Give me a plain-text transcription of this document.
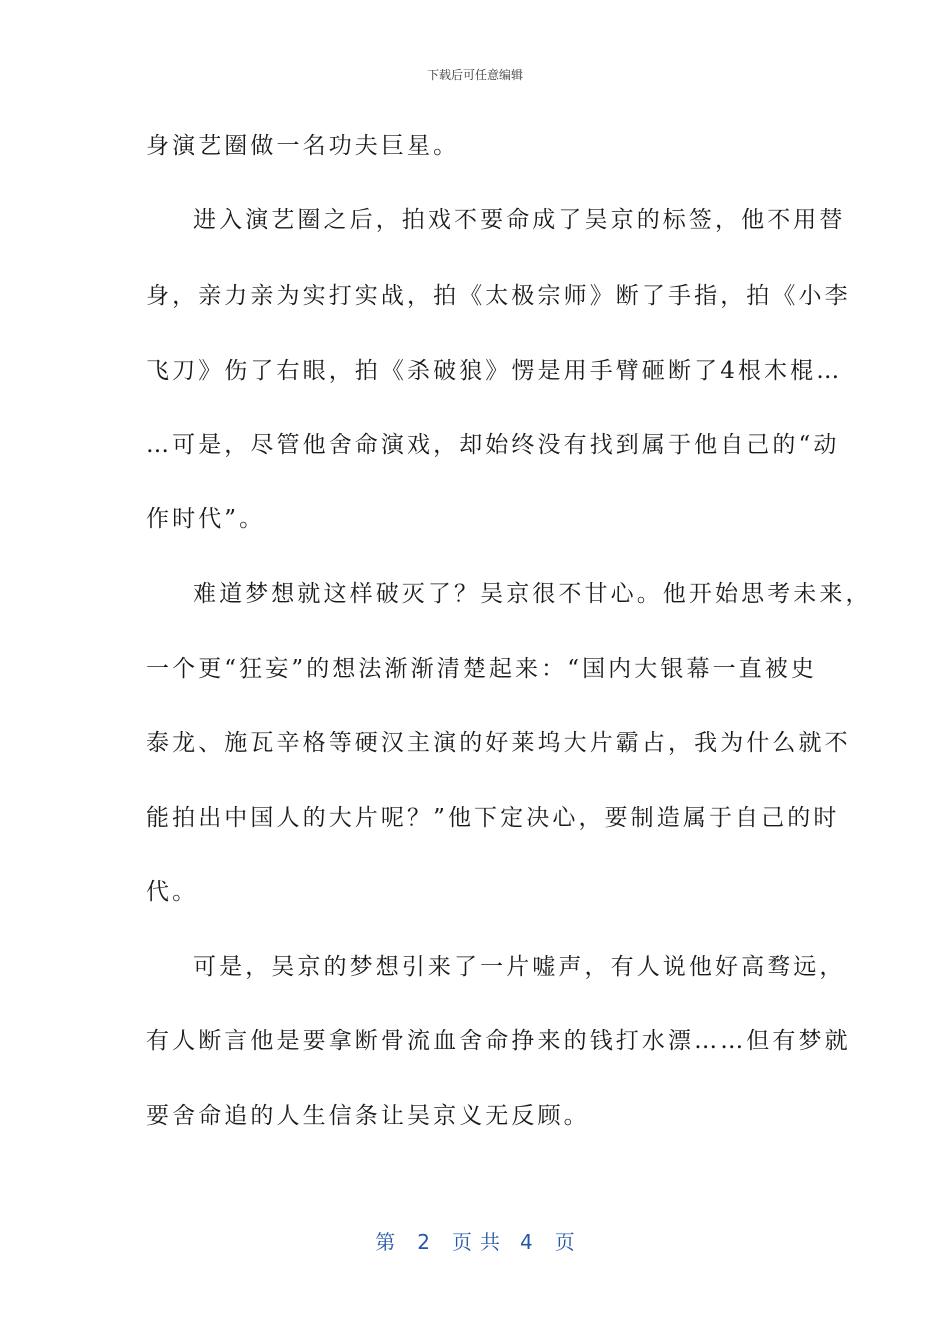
下载后可任意编辑
身演艺圈做一名功夫巨星。
进入演艺圈之后，拍戏不要命成了吴京的标签，他不用替
身，亲力亲为实打实战，拍《太极宗师》断了手指，拍《小李
飞刀》伤了右眼，拍《杀破狼》愣是用手臂砸断了4根木棍…
…可是，尽管他舍命演戏，却始终没有找到属于他自己的“动
作时代”。
难道梦想就这样破灭了？吴京很不甘心。他开始思考未来，
一个更“狂妄”的想法渐渐清楚起来：“国内大银幕一直被史
泰龙、施瓦辛格等硬汉主演的好莱坞大片霸占，我为什么就不
能拍出中国人的大片呢？”他下定决心，要制造属于自己的时
代。
可是，吴京的梦想引来了一片嘘声，有人说他好高骛远，
有人断言他是要拿断骨流血舍命挣来的钱打水漂……但有梦就
要舍命追的人生信条让吴京义无反顾。
第 2 页共 4 页
